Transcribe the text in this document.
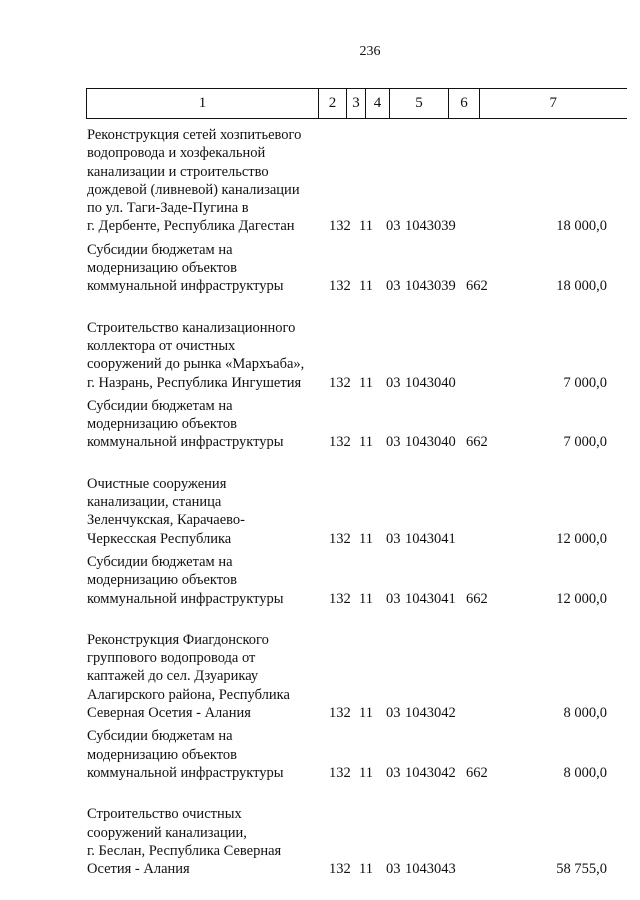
236
1	2	3	4	5	6	7
Реконструкция сетей хозпитьевого
водопровода и хозфекальной
канализации и строительство
дождевой (ливневой) канализации
по ул. Таги-Заде-Пугина в
г. Дербенте, Республика Дагестан	132 11 03 1043039	18 000,0
Субсидии бюджетам на
модернизацию объектов
коммунальной инфраструктуры	132 11 03 1043039 662	18 000,0
Строительство канализационного
коллектора от очистных
сооружений до рынка «Мархъаба»,
г. Назрань, Республика Ингушетия	132 11 03 1043040	7 000,0
Субсидии бюджетам на
модернизацию объектов
коммунальной инфраструктуры	132 11 03 1043040 662	7 000,0
Очистные сооружения
канализации, станица
Зеленчукская, Карачаево-
Черкесская Республика	132 11 03 1043041	12 000,0
Субсидии бюджетам на
модернизацию объектов
коммунальной инфраструктуры	132 11 03 1043041 662	12 000,0
Реконструкция Фиагдонского
группового водопровода от
каптажей до сел. Дзуарикау
Алагирского района, Республика
Северная Осетия - Алания	132 11 03 1043042	8 000,0
Субсидии бюджетам на
модернизацию объектов
коммунальной инфраструктуры	132 11 03 1043042 662	8 000,0
Строительство очистных
сооружений канализации,
г. Беслан, Республика Северная
Осетия - Алания	132 11 03 1043043	58 755,0
